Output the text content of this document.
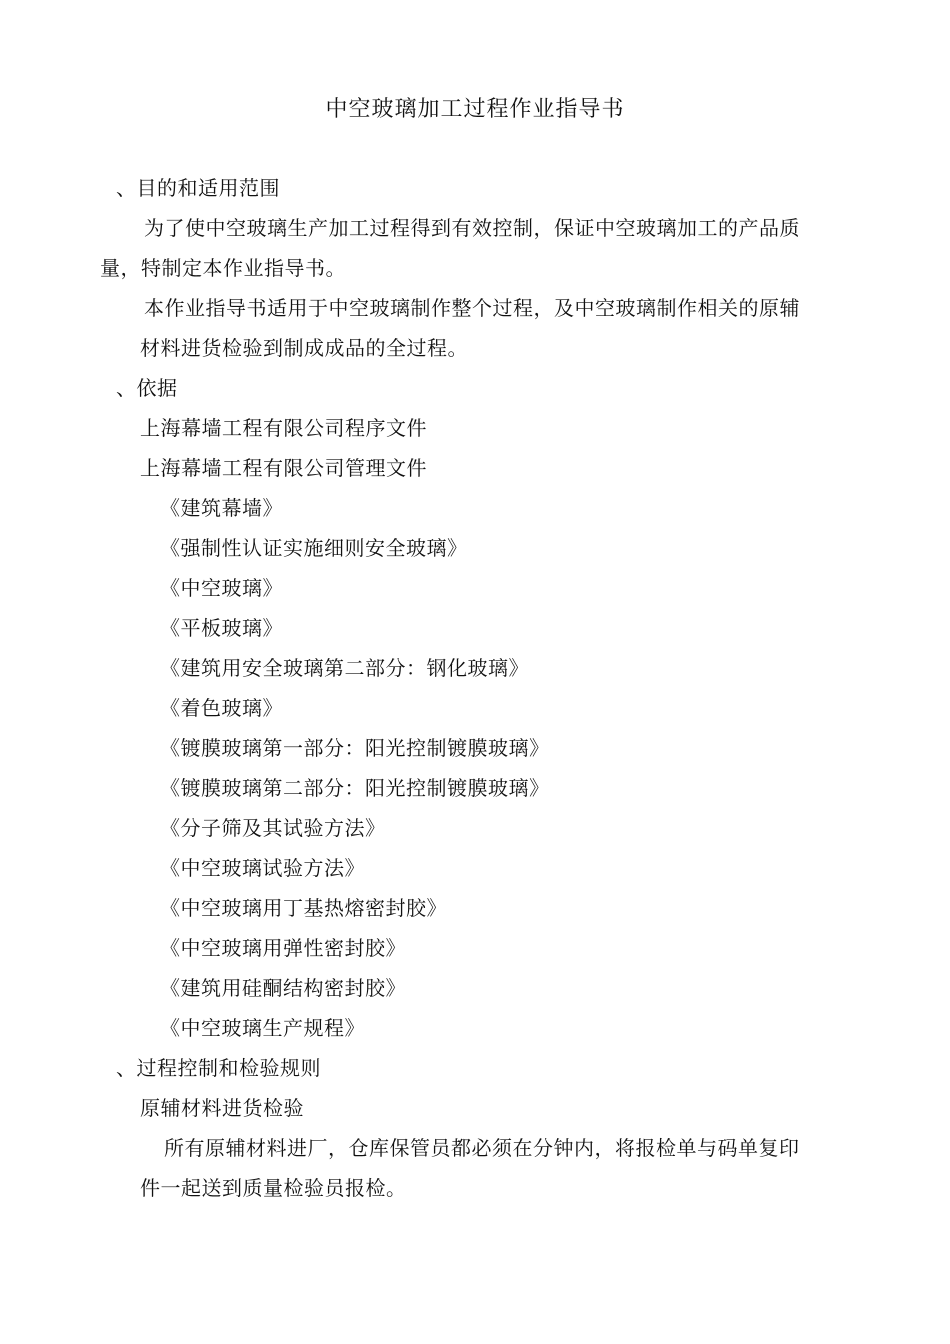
中空玻璃加工过程作业指导书
、目的和适用范围
为了使中空玻璃生产加工过程得到有效控制，保证中空玻璃加工的产品质
量，特制定本作业指导书。
本作业指导书适用于中空玻璃制作整个过程，及中空玻璃制作相关的原辅
材料进货检验到制成成品的全过程。
、依据
上海幕墙工程有限公司程序文件
上海幕墙工程有限公司管理文件
《建筑幕墙》
《强制性认证实施细则安全玻璃》
《中空玻璃》
《平板玻璃》
《建筑用安全玻璃第二部分：钢化玻璃》
《着色玻璃》
《镀膜玻璃第一部分：阳光控制镀膜玻璃》
《镀膜玻璃第二部分：阳光控制镀膜玻璃》
《分子筛及其试验方法》
《中空玻璃试验方法》
《中空玻璃用丁基热熔密封胶》
《中空玻璃用弹性密封胶》
《建筑用硅酮结构密封胶》
《中空玻璃生产规程》
、过程控制和检验规则
原辅材料进货检验
所有原辅材料进厂，仓库保管员都必须在分钟内，将报检单与码单复印
件一起送到质量检验员报检。
